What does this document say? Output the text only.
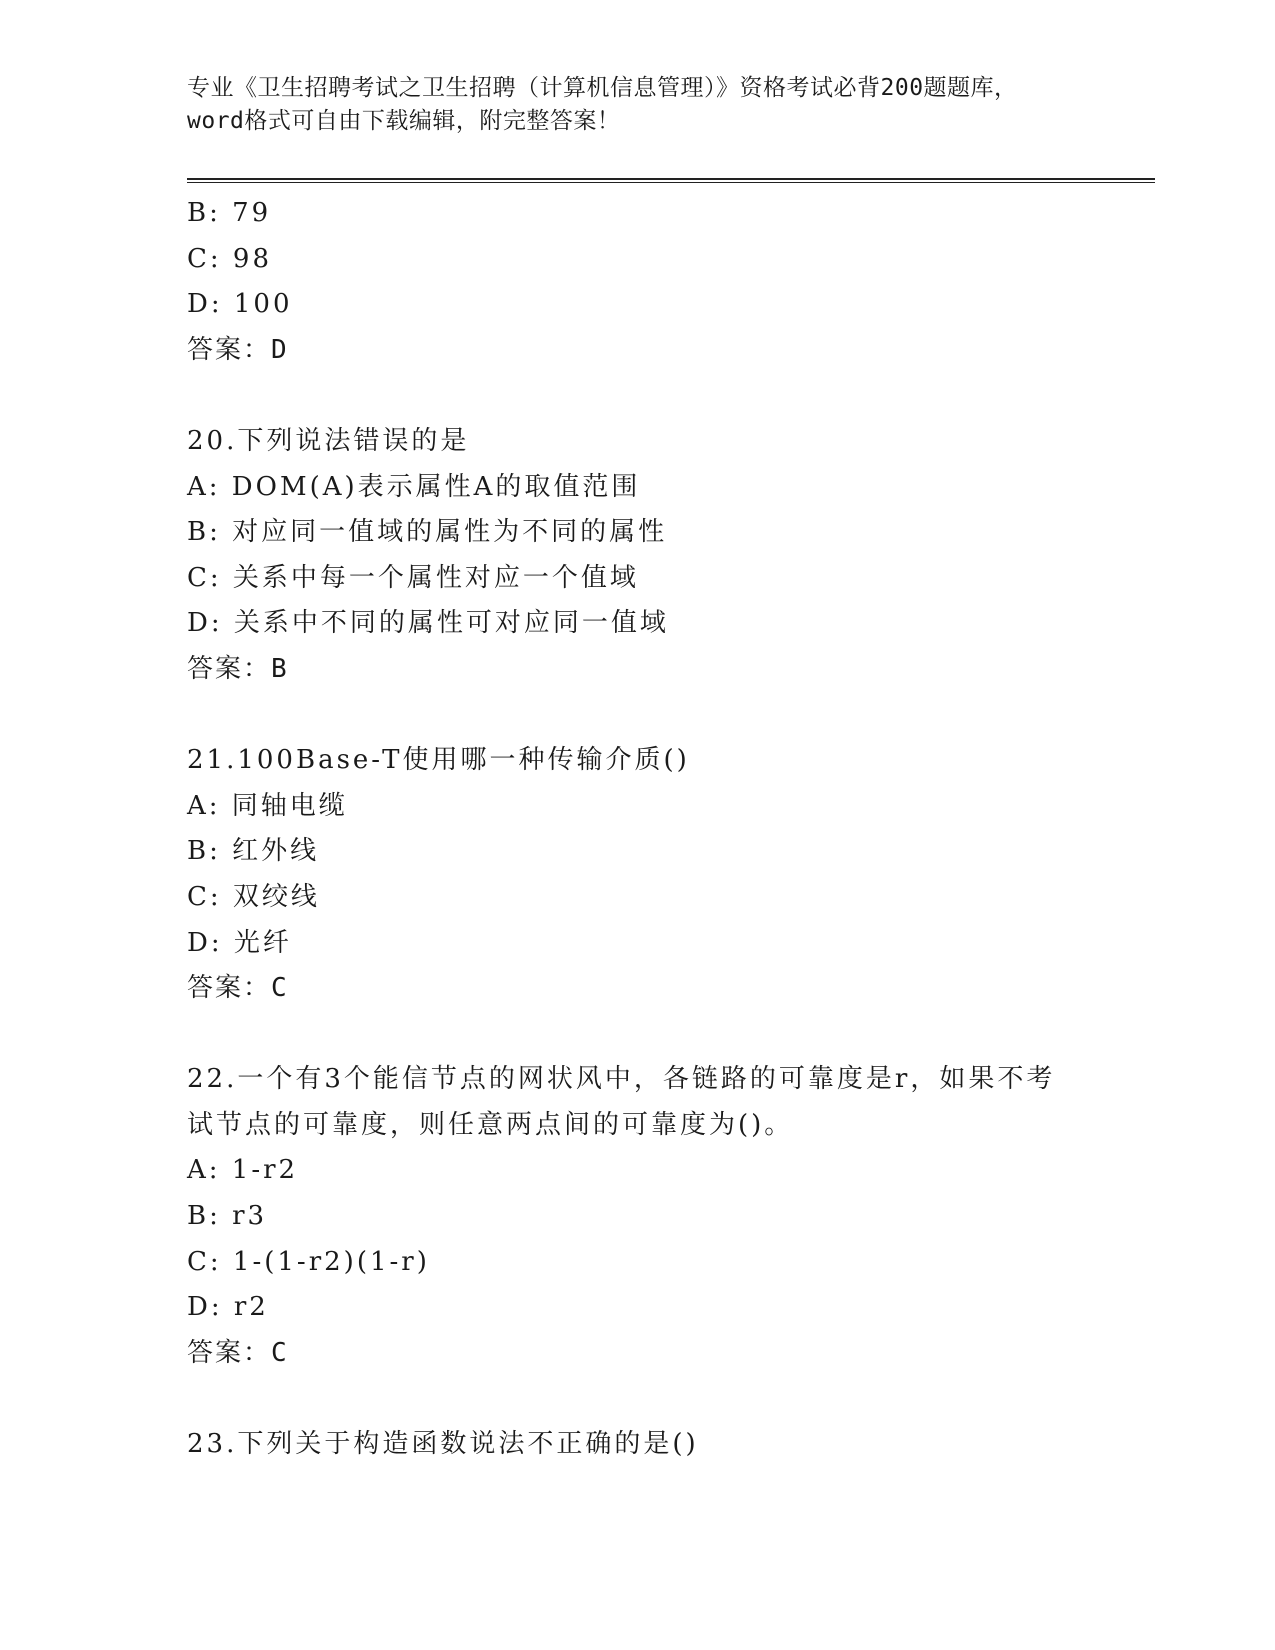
专业《卫生招聘考试之卫生招聘（计算机信息管理）》资格考试必背200题题库，
word格式可自由下载编辑，附完整答案！
B: 79
C: 98
D: 100
答案：D
20.下列说法错误的是
A: DOM(A)表示属性A的取值范围
B: 对应同一值域的属性为不同的属性
C: 关系中每一个属性对应一个值域
D: 关系中不同的属性可对应同一值域
答案：B
21.100Base-T使用哪一种传输介质()
A: 同轴电缆
B: 红外线
C: 双绞线
D: 光纤
答案：C
22.一个有3个能信节点的网状风中，各链路的可靠度是r，如果不考
试节点的可靠度，则任意两点间的可靠度为()。
A: 1-r2
B: r3
C: 1-(1-r2)(1-r)
D: r2
答案：C
23.下列关于构造函数说法不正确的是()
